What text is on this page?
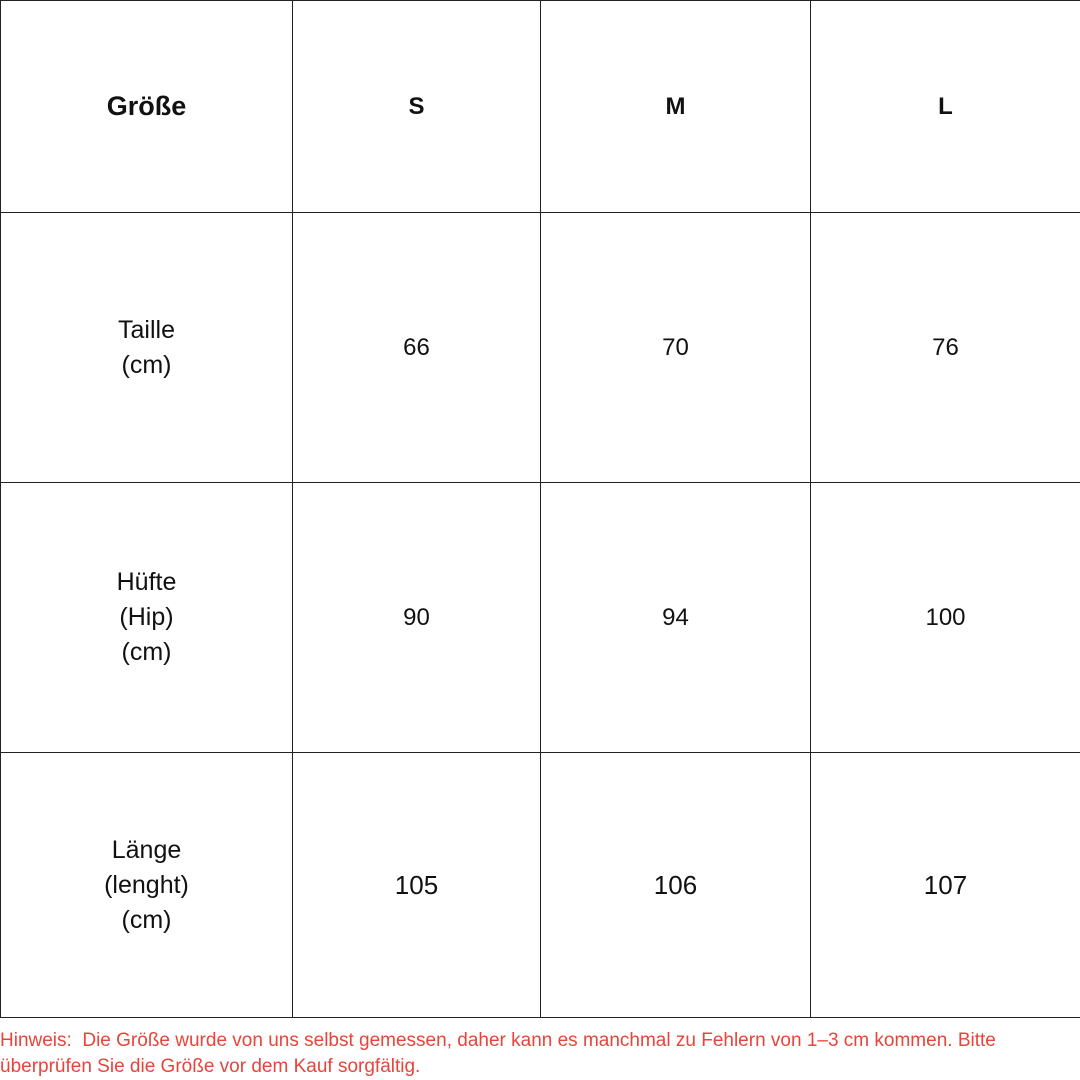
Größe	S	M	L

Taille
(cm)	66	70	76

Hüfte
(Hip)
(cm)	90	94	100

Länge
(lenght)
(cm)	105	106	107
Hinweis:  Die Größe wurde von uns selbst gemessen, daher kann es manchmal zu Fehlern von 1–3 cm kommen. Bitte
überprüfen Sie die Größe vor dem Kauf sorgfältig.
